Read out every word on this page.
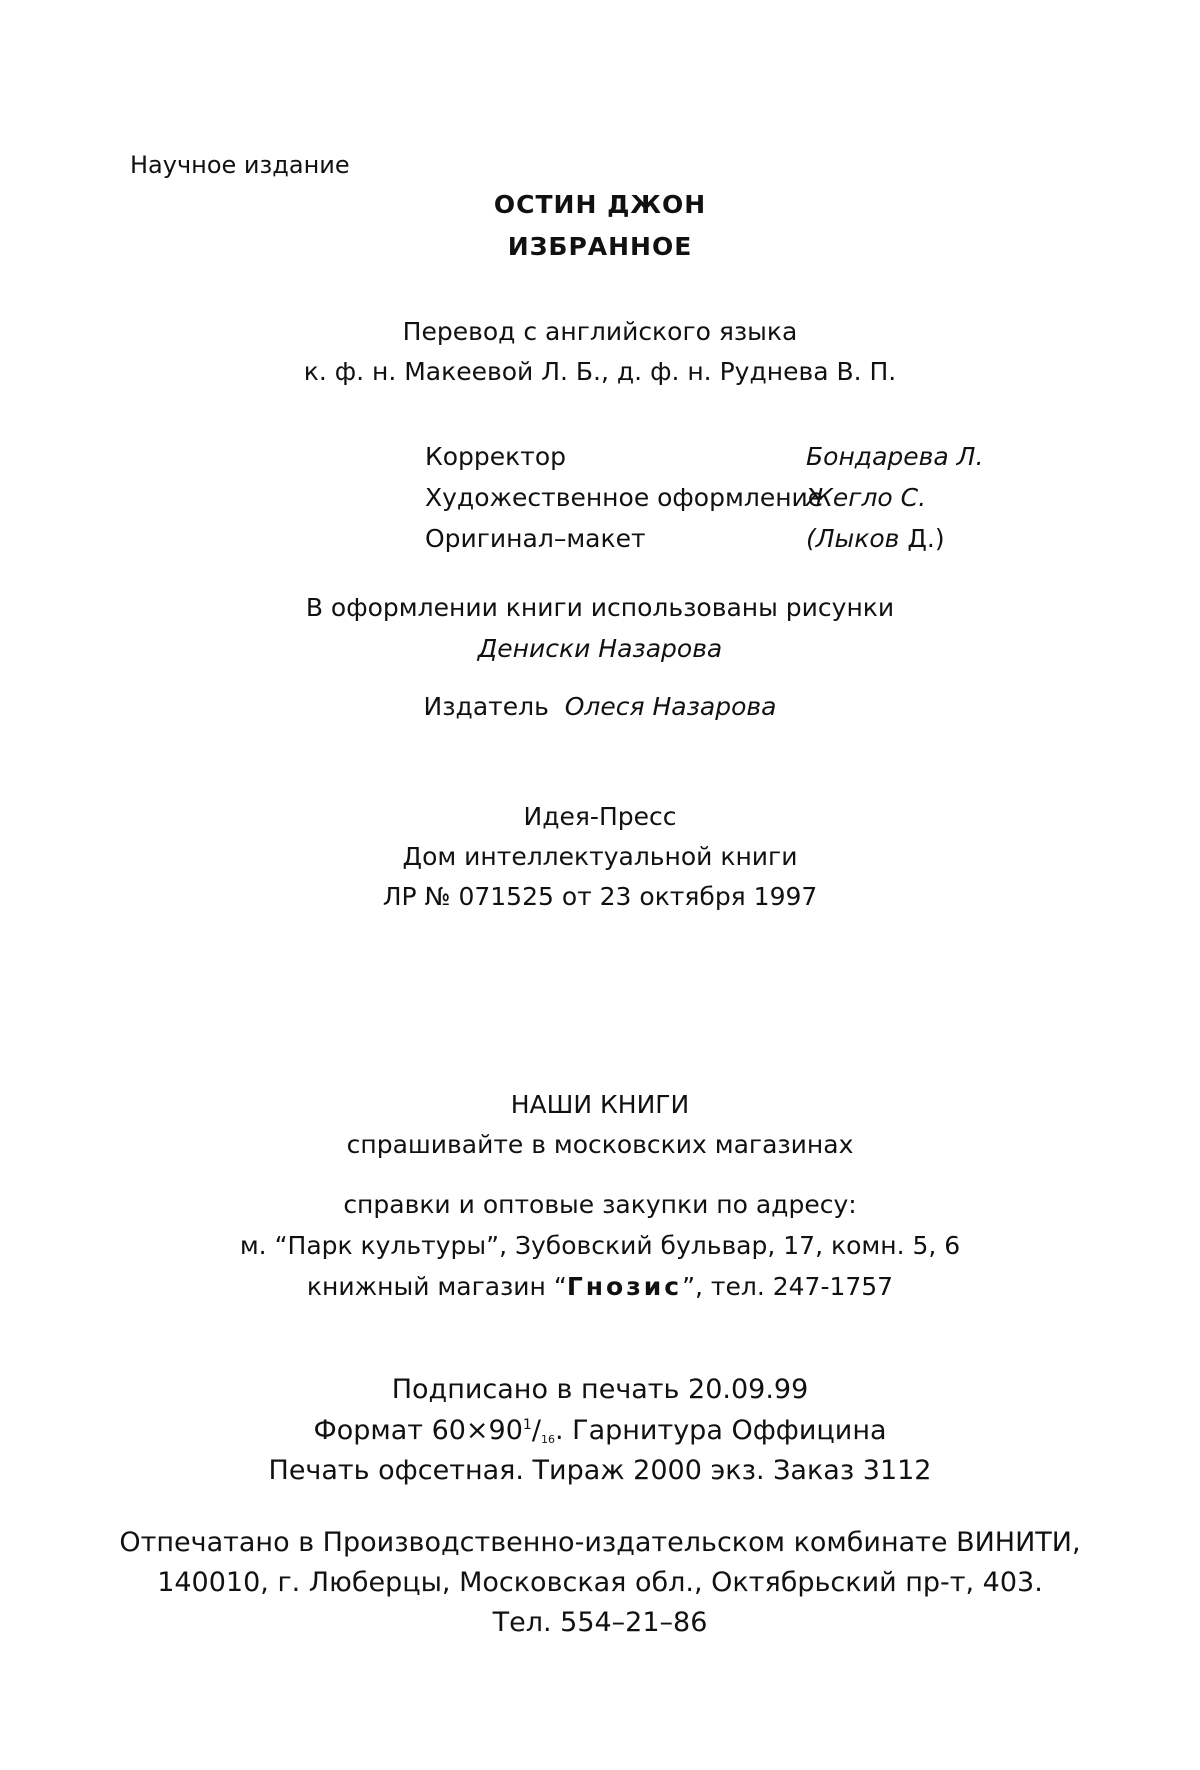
Научное издание
ОСТИН ДЖОН
ИЗБРАННОЕ
Перевод с английского языка
к. ф. н. Макеевой Л. Б., д. ф. н. Руднева В. П.
Корректор	Бондарева Л.
Художественное оформление
Жегло С.
Оригинал–макет	(Лыков Д.)
В оформлении книги использованы рисунки
Дениски Назарова
Издатель Олеся Назарова
Идея-Пресс
Дом интеллектуальной книги
ЛР № 071525 от 23 октября 1997
НАШИ КНИГИ
спрашивайте в московских магазинах
справки и оптовые закупки по адресу:
м. “Парк культуры”, Зубовский бульвар, 17, комн. 5, 6
книжный магазин “Гнозис”, тел. 247-1757
Подписано в печать 20.09.99
Формат $60\times 90^1/_{16}$. Гарнитура Оффицина
Печать офсетная. Тираж 2000 экз. Заказ 3112
Отпечатано в Производственно-издательском комбинате ВИНИТИ,
140010, г. Люберцы, Московская обл., Октябрьский пр-т, 403.
Тел. 554–21–86
